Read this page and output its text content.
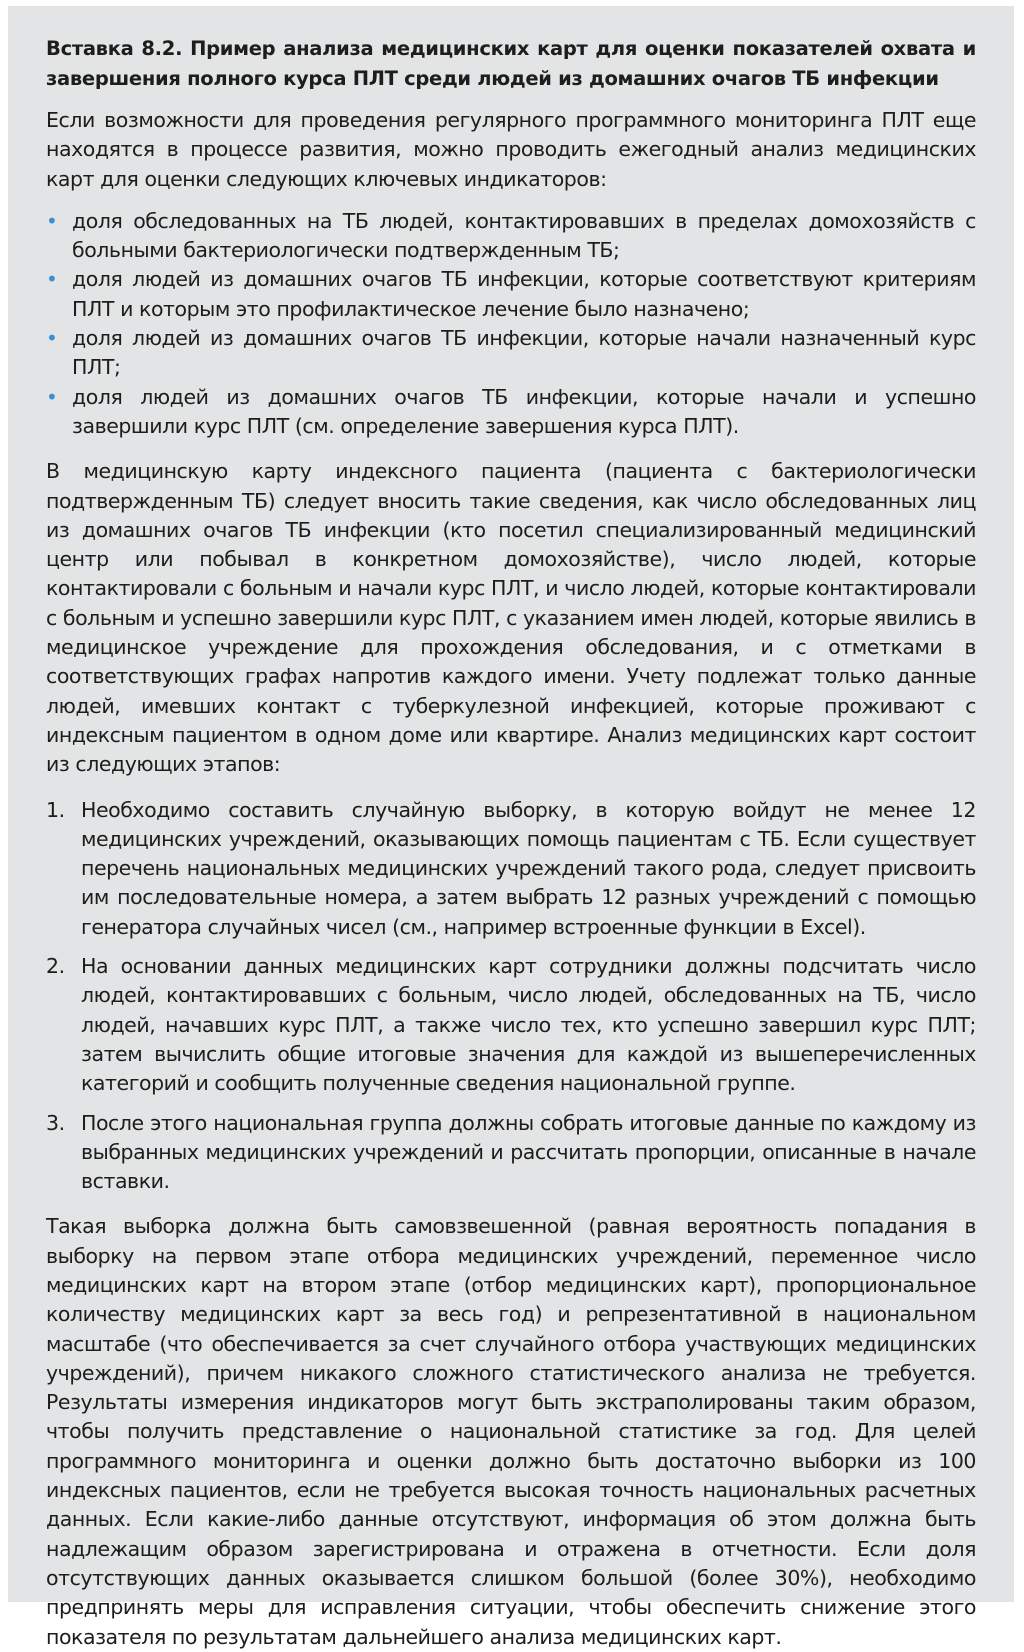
Вставка 8.2. Пример анализа медицинских карт для оценки показателей охвата и завершения полного курса ПЛТ среди людей из домашних очагов ТБ инфекции

Если возможности для проведения регулярного программного мониторинга ПЛТ еще находятся в процессе развития, можно проводить ежегодный анализ медицинских карт для оценки следующих ключевых индикаторов:

• доля обследованных на ТБ людей, контактировавших в пределах домохозяйств с больными бактериологически подтвержденным ТБ;
• доля людей из домашних очагов ТБ инфекции, которые соответствуют критериям ПЛТ и которым это профилактическое лечение было назначено;
• доля людей из домашних очагов ТБ инфекции, которые начали назначенный курс ПЛТ;
• доля людей из домашних очагов ТБ инфекции, которые начали и успешно завершили курс ПЛТ (см. определение завершения курса ПЛТ).

В медицинскую карту индексного пациента (пациента с бактериологически подтвержденным ТБ) следует вносить такие сведения, как число обследованных лиц из домашних очагов ТБ инфекции (кто посетил специализированный медицинский центр или побывал в конкретном домохозяйстве), число людей, которые контактировали с больным и начали курс ПЛТ, и число людей, которые контактировали с больным и успешно завершили курс ПЛТ, с указанием имен людей, которые явились в медицинское учреждение для прохождения обследования, и с отметками в соответствующих графах напротив каждого имени. Учету подлежат только данные людей, имевших контакт с туберкулезной инфекцией, которые проживают с индексным пациентом в одном доме или квартире. Анализ медицинских карт состоит из следующих этапов:

1. Необходимо составить случайную выборку, в которую войдут не менее 12 медицинских учреждений, оказывающих помощь пациентам с ТБ. Если существует перечень национальных медицинских учреждений такого рода, следует присвоить им последовательные номера, а затем выбрать 12 разных учреждений с помощью генератора случайных чисел (см., например встроенные функции в Excel).
2. На основании данных медицинских карт сотрудники должны подсчитать число людей, контактировавших с больным, число людей, обследованных на ТБ, число людей, начавших курс ПЛТ, а также число тех, кто успешно завершил курс ПЛТ; затем вычислить общие итоговые значения для каждой из вышеперечисленных категорий и сообщить полученные сведения национальной группе.
3. После этого национальная группа должны собрать итоговые данные по каждому из выбранных медицинских учреждений и рассчитать пропорции, описанные в начале вставки.

Такая выборка должна быть самовзвешенной (равная вероятность попадания в выборку на первом этапе отбора медицинских учреждений, переменное число медицинских карт на втором этапе (отбор медицинских карт), пропорциональное количеству медицинских карт за весь год) и репрезентативной в национальном масштабе (что обеспечивается за счет случайного отбора участвующих медицинских учреждений), причем никакого сложного статистического анализа не требуется. Результаты измерения индикаторов могут быть экстраполированы таким образом, чтобы получить представление о национальной статистике за год. Для целей программного мониторинга и оценки должно быть достаточно выборки из 100 индексных пациентов, если не требуется высокая точность национальных расчетных данных. Если какие-либо данные отсутствуют, информация об этом должна быть надлежащим образом зарегистрирована и отражена в отчетности. Если доля отсутствующих данных оказывается слишком большой (более 30%), необходимо предпринять меры для исправления ситуации, чтобы обеспечить снижение этого показателя по результатам дальнейшего анализа медицинских карт.
